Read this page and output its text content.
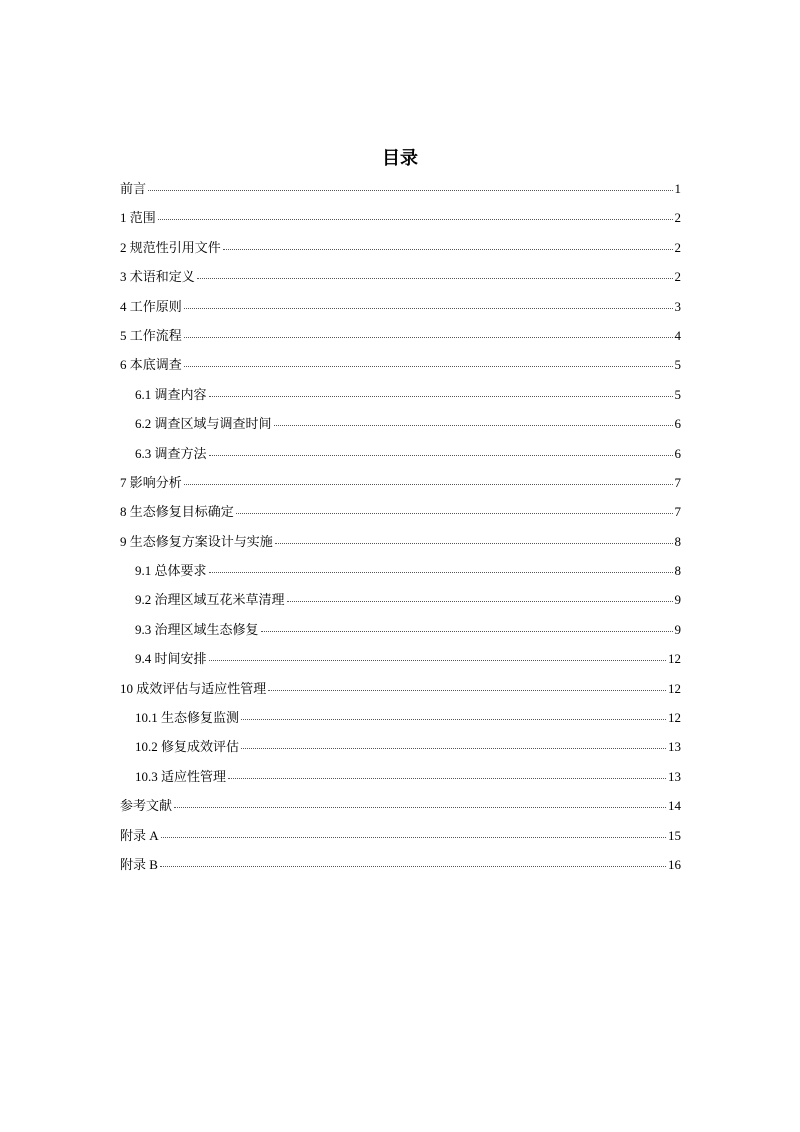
目录
前言	1
1 范围	2
2 规范性引用文件	2
3 术语和定义	2
4 工作原则	3
5 工作流程	4
6 本底调查	5
6.1 调查内容	5
6.2 调查区域与调查时间	6
6.3 调查方法	6
7 影响分析	7
8 生态修复目标确定	7
9 生态修复方案设计与实施	8
9.1 总体要求	8
9.2 治理区域互花米草清理	9
9.3 治理区域生态修复	9
9.4 时间安排	12
10 成效评估与适应性管理	12
10.1 生态修复监测	12
10.2 修复成效评估	13
10.3 适应性管理	13
参考文献	14
附录 A	15
附录 B	16
